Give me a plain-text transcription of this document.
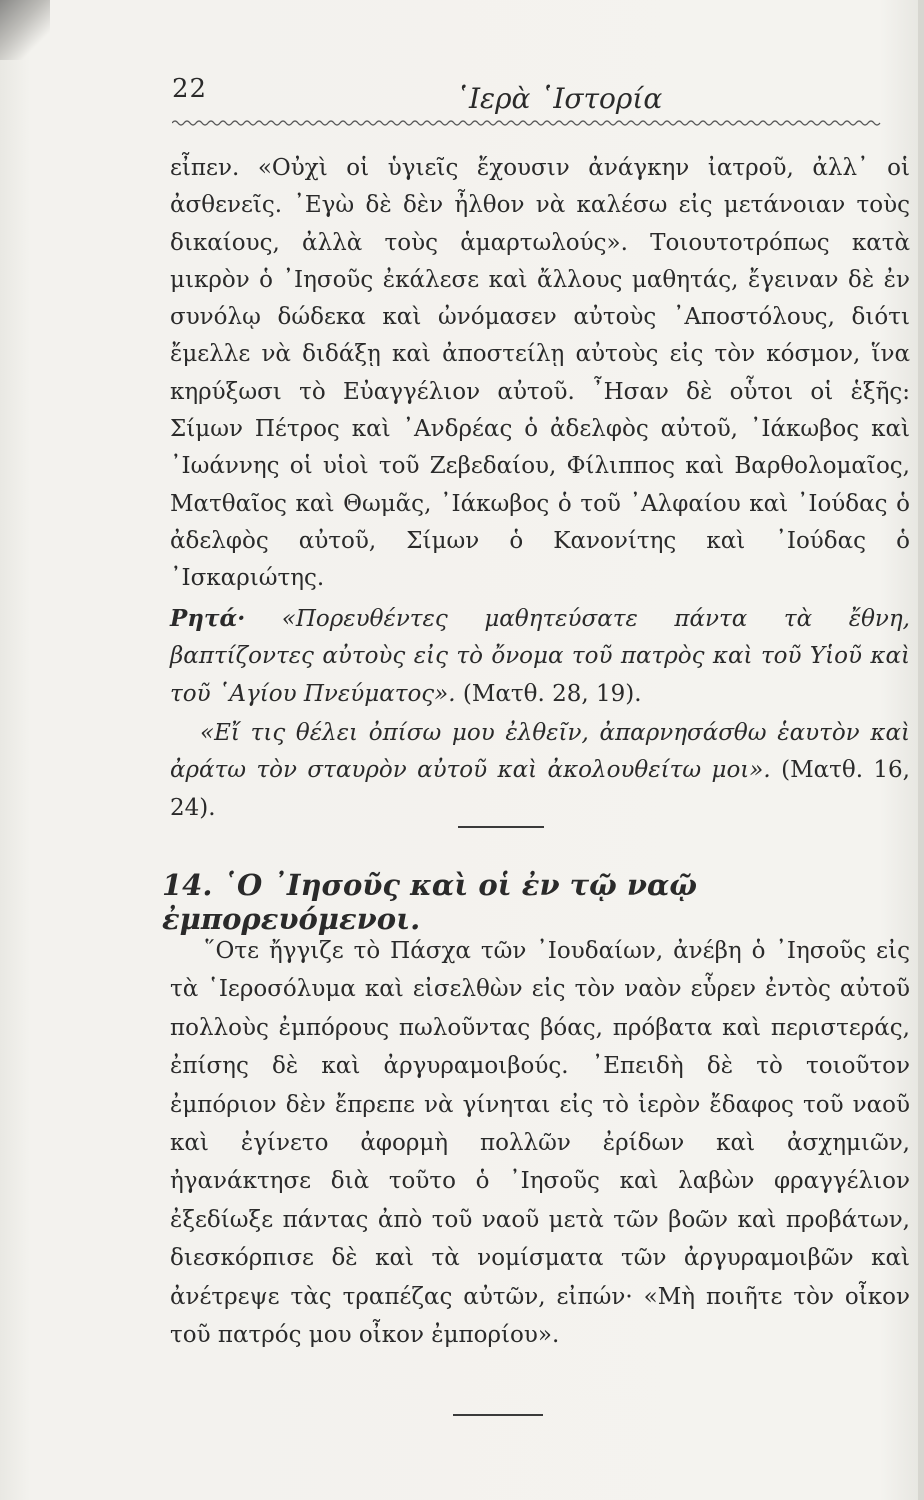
22	῾Ιερὰ ῾Ιστορία

εἶπεν. «Οὐχὶ οἱ ὑγιεῖς ἔχουσιν ἀνάγκην ἰατροῦ, ἀλλ᾽ οἱ ἀσθενεῖς. ᾿Εγὼ δὲ δὲν ἦλθον νὰ καλέσω εἰς μετάνοιαν τοὺς δικαίους, ἀλλὰ τοὺς ἁμαρτωλούς». Τοιουτοτρόπως κατὰ μικρὸν ὁ ᾿Ιησοῦς ἐκάλεσε καὶ ἄλλους μαθητάς, ἔγειναν δὲ ἐν συνόλῳ δώδεκα καὶ ὠνόμασεν αὐτοὺς ᾿Αποστόλους, διότι ἔμελλε νὰ διδάξῃ καὶ ἀποστείλῃ αὐτοὺς εἰς τὸν κόσμον, ἵνα κηρύξωσι τὸ Εὐαγγέλιον αὐτοῦ. ῏Ησαν δὲ οὗτοι οἱ ἑξῆς: Σίμων Πέτρος καὶ ᾿Ανδρέας ὁ ἀδελφὸς αὐτοῦ, ᾿Ιάκωβος καὶ ᾿Ιωάννης οἱ υἱοὶ τοῦ Ζεβεδαίου, Φίλιππος καὶ Βαρθολομαῖος, Ματθαῖος καὶ Θωμᾶς, ᾿Ιάκωβος ὁ τοῦ ᾿Αλφαίου καὶ ᾿Ιούδας ὁ ἀδελφὸς αὐτοῦ, Σίμων ὁ Κανονίτης καὶ ᾿Ιούδας ὁ ᾿Ισκαριώτης.

Ρητά· «Πορευθέντες μαθητεύσατε πάντα τὰ ἔθνη, βαπτίζοντες αὐτοὺς εἰς τὸ ὄνομα τοῦ πατρὸς καὶ τοῦ Υἱοῦ καὶ τοῦ ῾Αγίου Πνεύματος». (Ματθ. 28, 19).

«Εἴ τις θέλει ὀπίσω μου ἐλθεῖν, ἀπαρνησάσθω ἑαυτὸν καὶ ἀράτω τὸν σταυρὸν αὐτοῦ καὶ ἀκολουθείτω μοι». (Ματθ. 16, 24).

14. ῾Ο ᾿Ιησοῦς καὶ οἱ ἐν τῷ ναῷ ἐμπορευόμενοι.

῞Οτε ἤγγιζε τὸ Πάσχα τῶν ᾿Ιουδαίων, ἀνέβη ὁ ᾿Ιησοῦς εἰς τὰ ῾Ιεροσόλυμα καὶ εἰσελθὼν εἰς τὸν ναὸν εὗρεν ἐντὸς αὐτοῦ πολλοὺς ἐμπόρους πωλοῦντας βόας, πρόβατα καὶ περιστεράς, ἐπίσης δὲ καὶ ἀργυραμοιβούς. ᾿Επειδὴ δὲ τὸ τοιοῦτον ἐμπόριον δὲν ἔπρεπε νὰ γίνηται εἰς τὸ ἱερὸν ἔδαφος τοῦ ναοῦ καὶ ἐγίνετο ἀφορμὴ πολλῶν ἐρίδων καὶ ἀσχημιῶν, ἠγανάκτησε διὰ τοῦτο ὁ ᾿Ιησοῦς καὶ λαβὼν φραγγέλιον ἐξεδίωξε πάντας ἀπὸ τοῦ ναοῦ μετὰ τῶν βοῶν καὶ προβάτων, διεσκόρπισε δὲ καὶ τὰ νομίσματα τῶν ἀργυραμοιβῶν καὶ ἀνέτρεψε τὰς τραπέζας αὐτῶν, εἰπών· «Μὴ ποιῆτε τὸν οἶκον τοῦ πατρός μου οἶκον ἐμπορίου».
